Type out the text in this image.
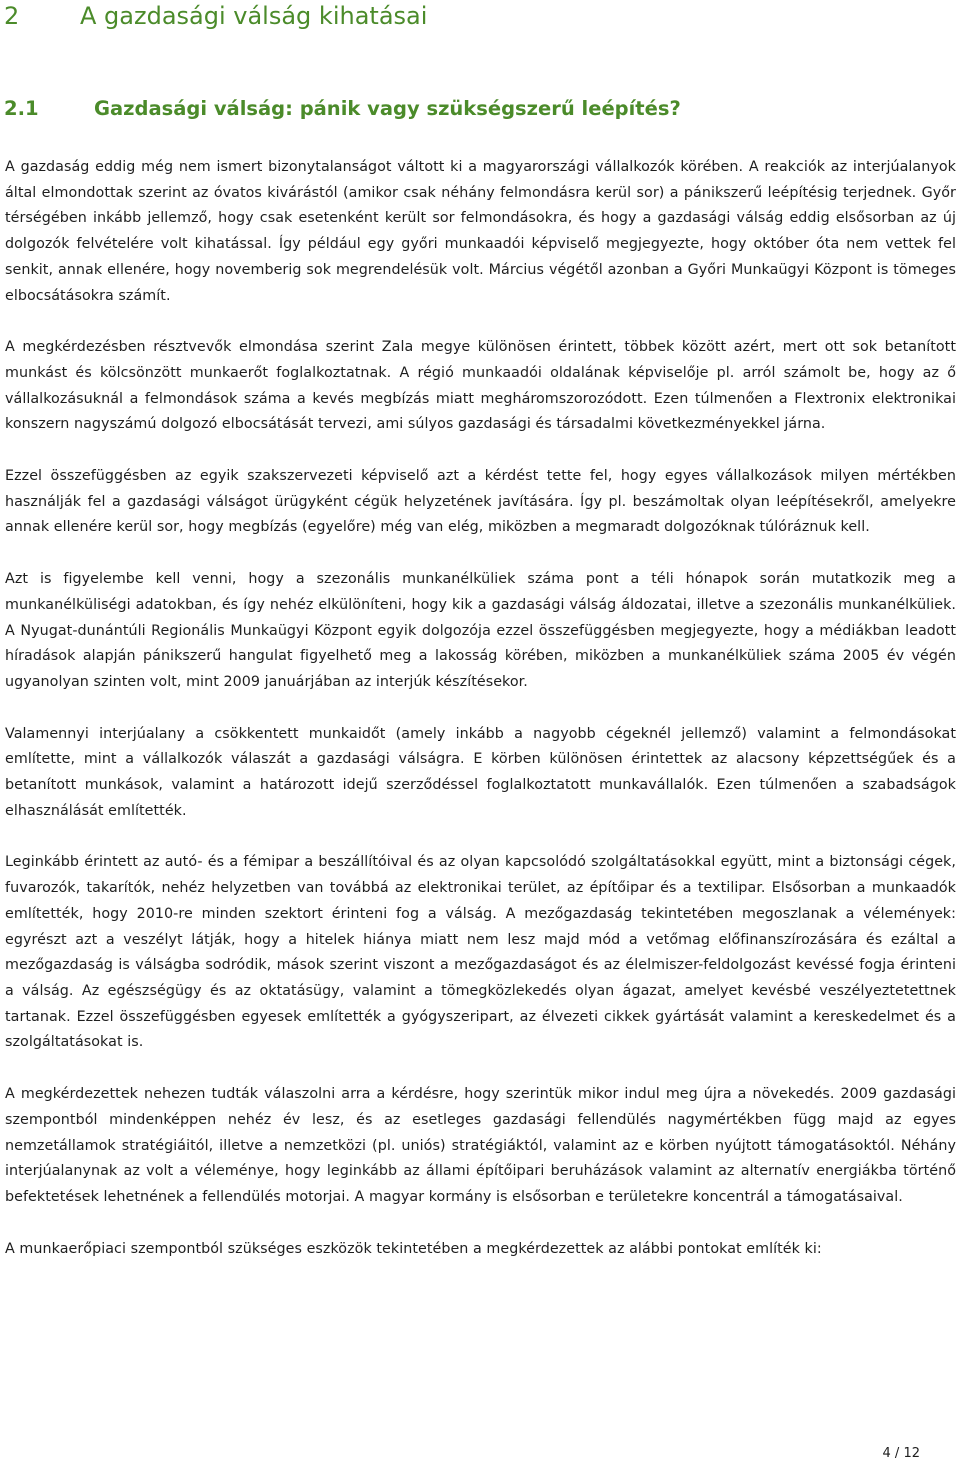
2	A gazdasági válság kihatásai
2.1	Gazdasági válság: pánik vagy szükségszerű leépítés?

A gazdaság eddig még nem ismert bizonytalanságot váltott ki a magyarországi vállalkozók körében. A reakciók az interjúalanyok által elmondottak szerint az óvatos kivárástól (amikor csak néhány felmondásra kerül sor) a pánikszerű leépítésig terjednek. Győr térségében inkább jellemző, hogy csak esetenként került sor felmondásokra, és hogy a gazdasági válság eddig elsősorban az új dolgozók felvételére volt kihatással. Így például egy győri munkaadói képviselő megjegyezte, hogy október óta nem vettek fel senkit, annak ellenére, hogy novemberig sok megrendelésük volt. Március végétől azonban a Győri Munkaügyi Központ is tömeges elbocsátásokra számít.

A megkérdezésben résztvevők elmondása szerint Zala megye különösen érintett, többek között azért, mert ott sok betanított munkást és kölcsönzött munkaerőt foglalkoztatnak. A régió munkaadói oldalának képviselője pl. arról számolt be, hogy az ő vállalkozásuknál a felmondások száma a kevés megbízás miatt megháromszorozódott. Ezen túlmenően a Flextronix elektronikai konszern nagyszámú dolgozó elbocsátását tervezi, ami súlyos gazdasági és társadalmi következményekkel járna.

Ezzel összefüggésben az egyik szakszervezeti képviselő azt a kérdést tette fel, hogy egyes vállalkozások milyen mértékben használják fel a gazdasági válságot ürügyként cégük helyzetének javítására. Így pl. beszámoltak olyan leépítésekről, amelyekre annak ellenére kerül sor, hogy megbízás (egyelőre) még van elég, miközben a megmaradt dolgozóknak túlóráznuk kell.

Azt is figyelembe kell venni, hogy a szezonális munkanélküliek száma pont a téli hónapok során mutatkozik meg a munkanélküliségi adatokban, és így nehéz elkülöníteni, hogy kik a gazdasági válság áldozatai, illetve a szezonális munkanélküliek. A Nyugat-dunántúli Regionális Munkaügyi Központ egyik dolgozója ezzel összefüggésben megjegyezte, hogy a médiákban leadott híradások alapján pánikszerű hangulat figyelhető meg a lakosság körében, miközben a munkanélküliek száma 2005 év végén ugyanolyan szinten volt, mint 2009 januárjában az interjúk készítésekor.

Valamennyi interjúalany a csökkentett munkaidőt (amely inkább a nagyobb cégeknél jellemző) valamint a felmondásokat említette, mint a vállalkozók válaszát a gazdasági válságra. E körben különösen érintettek az alacsony képzettségűek és a betanított munkások, valamint a határozott idejű szerződéssel foglalkoztatott munkavállalók. Ezen túlmenően a szabadságok elhasználását említették.

Leginkább érintett az autó- és a fémipar a beszállítóival és az olyan kapcsolódó szolgáltatásokkal együtt, mint a biztonsági cégek, fuvarozók, takarítók, nehéz helyzetben van továbbá az elektronikai terület, az építőipar és a textilipar. Elsősorban a munkaadók említették, hogy 2010-re minden szektort érinteni fog a válság. A mezőgazdaság tekintetében megoszlanak a vélemények: egyrészt azt a veszélyt látják, hogy a hitelek hiánya miatt nem lesz majd mód a vetőmag előfinanszírozására és ezáltal a mezőgazdaság is válságba sodródik, mások szerint viszont a mezőgazdaságot és az élelmiszer-feldolgozást kevéssé fogja érinteni a válság. Az egészségügy és az oktatásügy, valamint a tömegközlekedés olyan ágazat, amelyet kevésbé veszélyeztetettnek tartanak. Ezzel összefüggésben egyesek említették a gyógyszeripart, az élvezeti cikkek gyártását valamint a kereskedelmet és a szolgáltatásokat is.

A megkérdezettek nehezen tudták válaszolni arra a kérdésre, hogy szerintük mikor indul meg újra a növekedés. 2009 gazdasági szempontból mindenképpen nehéz év lesz, és az esetleges gazdasági fellendülés nagymértékben függ majd az egyes nemzetállamok stratégiáitól, illetve a nemzetközi (pl. uniós) stratégiáktól, valamint az e körben nyújtott támogatásoktól. Néhány interjúalanynak az volt a véleménye, hogy leginkább az állami építőipari beruházások valamint az alternatív energiákba történő befektetések lehetnének a fellendülés motorjai. A magyar kormány is elsősorban e területekre koncentrál a támogatásaival.

A munkaerőpiaci szempontból szükséges eszközök tekintetében a megkérdezettek az alábbi pontokat említék ki:

4 / 12
